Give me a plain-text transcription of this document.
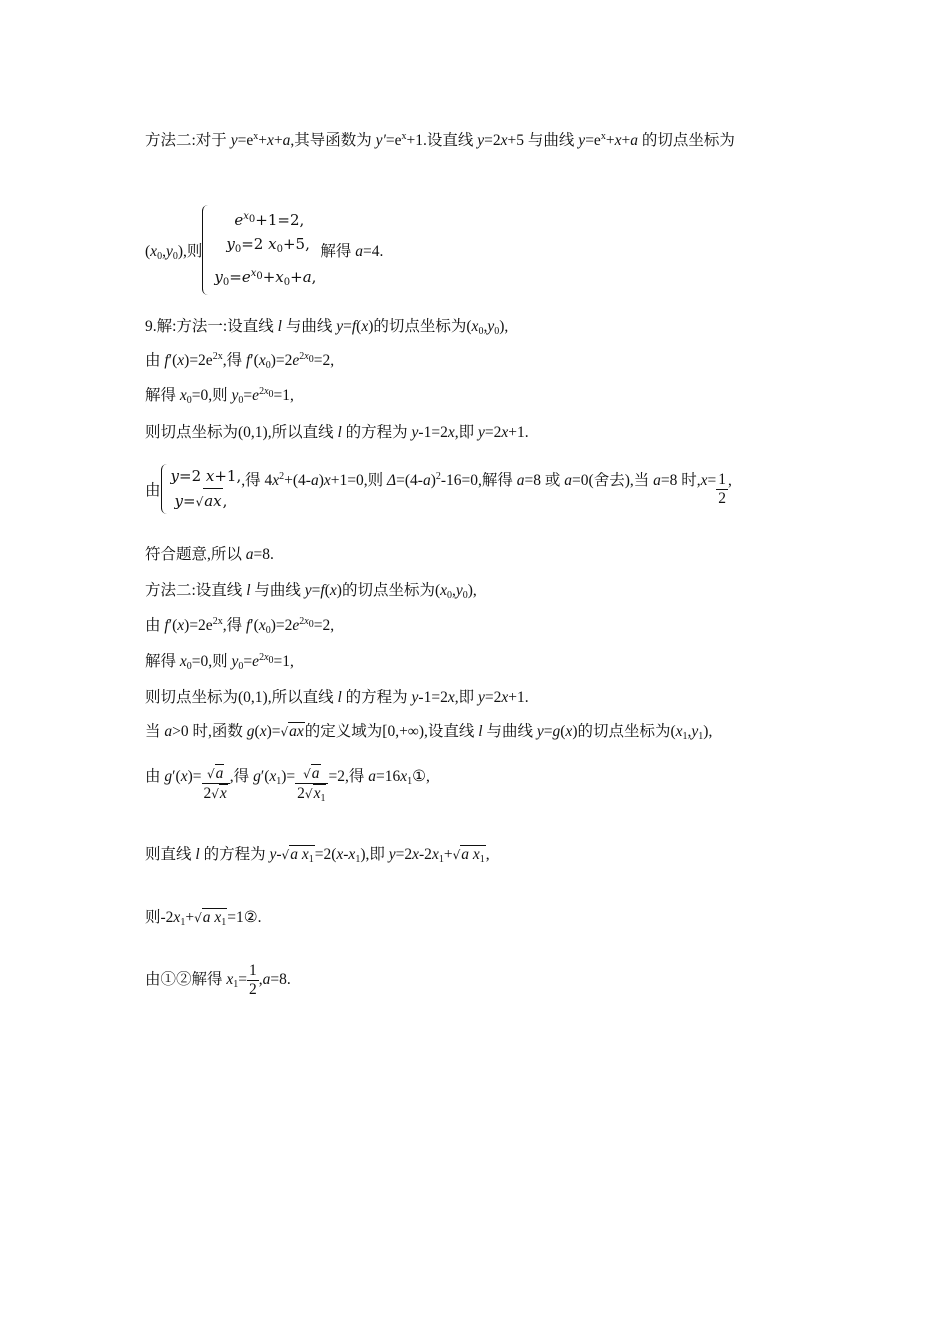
方法二:对于 $y=e^x+x+a$,其导函数为 $y'=e^x+1$.设直线 y=2x+5 与曲线 $y=e^x+x+a$ 的切点坐标为
$(x_0,y_0)$,则
$e^{x_0}+1=2$,
$y_0=2$ $x_0+5$,
$y_0=e^{x_0}+x_0+a$,
解得 a=4.
9.解:方法一:设直线 l 与曲线 y=f(x)的切点坐标为$(x_0,y_0)$,
由 $f'(x)=2e^{2x}$,得 $f'(x_0)=2e^{2x_0}=2$,
解得 $x_0=0$,则 $y_0=e^{2x_0}=1$,
则切点坐标为(0,1),所以直线 l 的方程为 y-1=2x,即 y=2x+1.
由
y=2 x+1,
y=√ax,
,得 $4x^2+(4-a)x+1=0$,则 $\Delta=(4-a)^2-16=0$,解得 a=8 或 a=0(舍去),当 a=8 时$,x= \frac{1}{2}$ ,
符合题意,所以 a=8.
方法二:设直线 l 与曲线 y=f(x)的切点坐标为$(x_0,y_0)$,
由 $f'(x)=2e^{2x}$,得 $f'(x_0)=2e^{2x_0}=2$,
解得 $x_0=0$,则 $y_0=e^{2x_0}=1$,
则切点坐标为(0,1),所以直线 l 的方程为 y-1=2x,即 y=2x+1.
当 a>0 时,函数 g(x)=√ax的定义域为[0,+∞),设直线 l 与曲线 y=g(x)的切点坐标为$(x_1,y_1)$,
由 $g'(x)= \frac{√a}{2√x}$ ,得 $g'(x_1)= \frac{√a}{2√x_1} =2$,得 $a=16x_1①$,
则直线 l 的方程为 y-√a $x_1=2(x-x_1)$,即 $y=2x-2x_1+√a$ $x_1$,
则$-2x_1+√a$ $x_1=1②$.
由①②解得 $x_1= \frac{1}{2} ,a=8$.
